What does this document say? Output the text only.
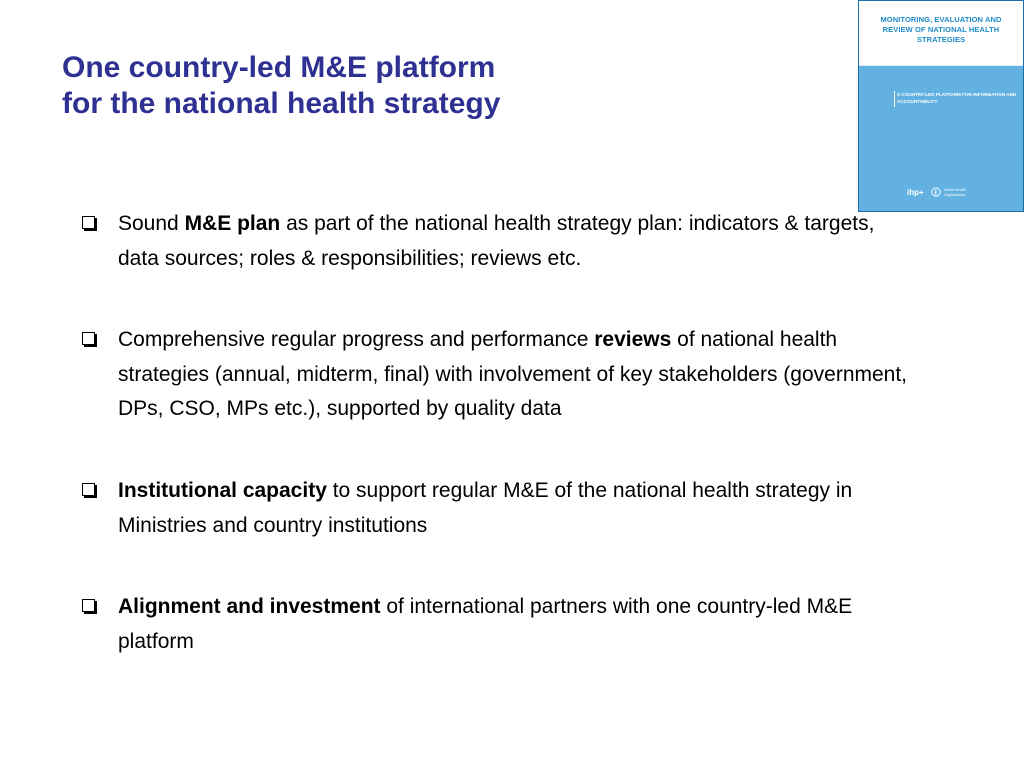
One country-led M&E platform
for the national health strategy
MONITORING, EVALUATION AND REVIEW OF NATIONAL HEALTH STRATEGIES
A COUNTRY-LED PLATFORM FOR INFORMATION AND ACCOUNTABILITY
ihp+	World Health Organization
Sound M&E plan as part of the national health strategy plan: indicators & targets, data sources; roles & responsibilities; reviews etc.
Comprehensive regular progress and performance reviews of national health strategies (annual, midterm, final) with involvement of key stakeholders (government, DPs, CSO, MPs etc.), supported by quality data
Institutional capacity to support regular M&E of the national health strategy in Ministries and country institutions
Alignment and investment of international partners with one country-led M&E platform
